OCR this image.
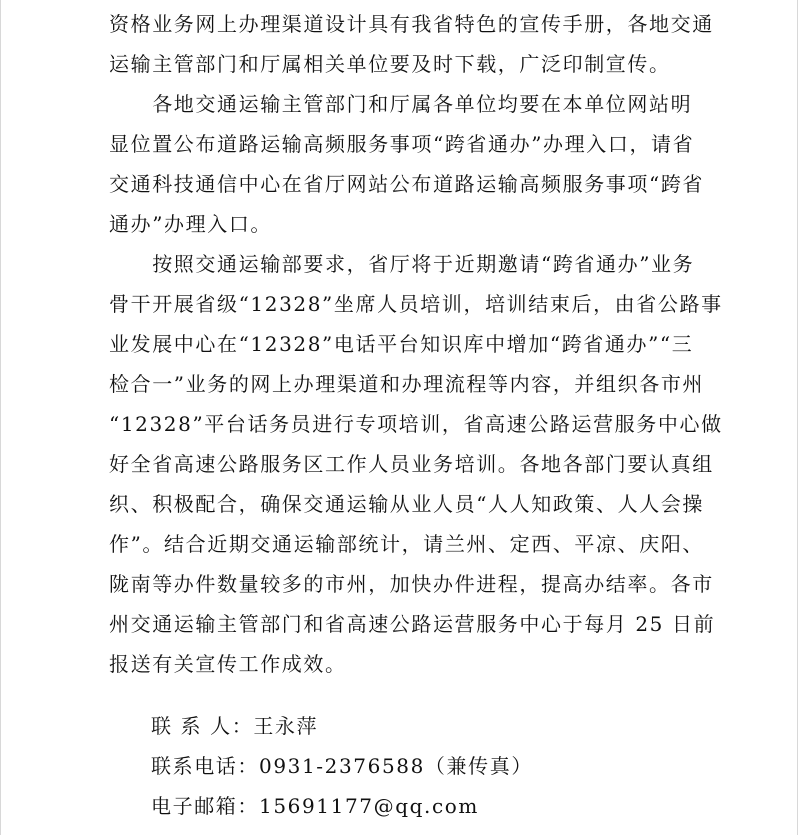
资格业务网上办理渠道设计具有我省特色的宣传手册，各地交通
运输主管部门和厅属相关单位要及时下载，广泛印制宣传。
　　各地交通运输主管部门和厅属各单位均要在本单位网站明
显位置公布道路运输高频服务事项“跨省通办”办理入口，请省
交通科技通信中心在省厅网站公布道路运输高频服务事项“跨省
通办”办理入口。
　　按照交通运输部要求，省厅将于近期邀请“跨省通办”业务
骨干开展省级“12328”坐席人员培训，培训结束后，由省公路事
业发展中心在“12328”电话平台知识库中增加“跨省通办”“三
检合一”业务的网上办理渠道和办理流程等内容，并组织各市州
“12328”平台话务员进行专项培训，省高速公路运营服务中心做
好全省高速公路服务区工作人员业务培训。各地各部门要认真组
织、积极配合，确保交通运输从业人员“人人知政策、人人会操
作”。结合近期交通运输部统计，请兰州、定西、平凉、庆阳、
陇南等办件数量较多的市州，加快办件进程，提高办结率。各市
州交通运输主管部门和省高速公路运营服务中心于每月 25 日前
报送有关宣传工作成效。
联 系 人：王永萍
联系电话：0931-2376588（兼传真）
电子邮箱：15691177@qq.com
